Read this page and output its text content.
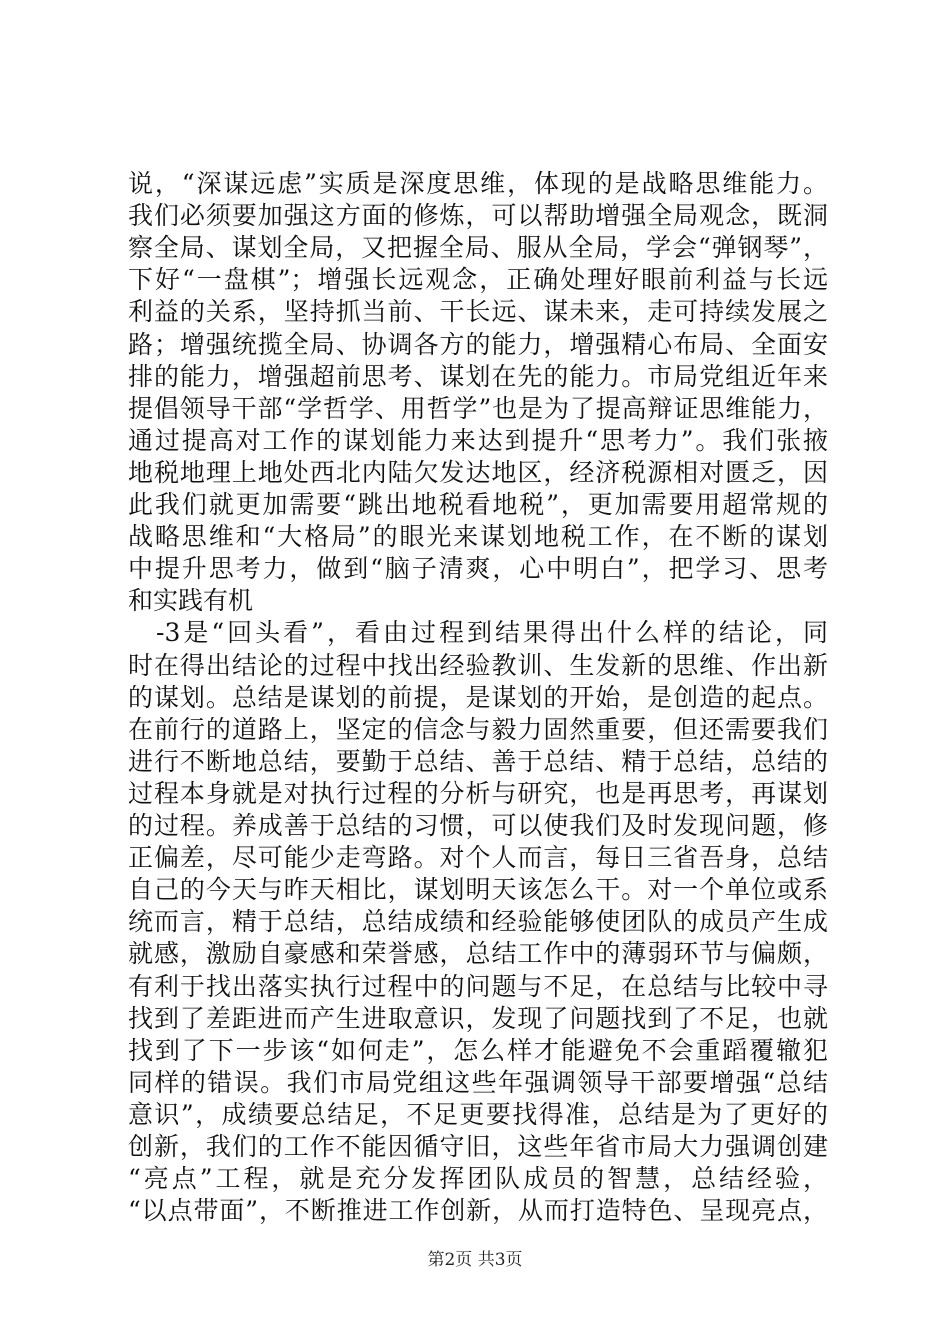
说，“深谋远虑”实质是深度思维，体现的是战略思维能力。
我们必须要加强这方面的修炼，可以帮助增强全局观念，既洞
察全局、谋划全局，又把握全局、服从全局，学会“弹钢琴”，
下好“一盘棋”；增强长远观念，正确处理好眼前利益与长远
利益的关系，坚持抓当前、干长远、谋未来，走可持续发展之
路；增强统揽全局、协调各方的能力，增强精心布局、全面安
排的能力，增强超前思考、谋划在先的能力。市局党组近年来
提倡领导干部“学哲学、用哲学”也是为了提高辩证思维能力，
通过提高对工作的谋划能力来达到提升“思考力”。我们张掖
地税地理上地处西北内陆欠发达地区，经济税源相对匮乏，因
此我们就更加需要“跳出地税看地税”，更加需要用超常规的
战略思维和“大格局”的眼光来谋划地税工作，在不断的谋划
中提升思考力，做到“脑子清爽，心中明白”，把学习、思考
和实践有机
　-3是“回头看”，看由过程到结果得出什么样的结论，同
时在得出结论的过程中找出经验教训、生发新的思维、作出新
的谋划。总结是谋划的前提，是谋划的开始，是创造的起点。
在前行的道路上，坚定的信念与毅力固然重要，但还需要我们
进行不断地总结，要勤于总结、善于总结、精于总结，总结的
过程本身就是对执行过程的分析与研究，也是再思考，再谋划
的过程。养成善于总结的习惯，可以使我们及时发现问题，修
正偏差，尽可能少走弯路。对个人而言，每日三省吾身，总结
自己的今天与昨天相比，谋划明天该怎么干。对一个单位或系
统而言，精于总结，总结成绩和经验能够使团队的成员产生成
就感，激励自豪感和荣誉感，总结工作中的薄弱环节与偏颇，
有利于找出落实执行过程中的问题与不足，在总结与比较中寻
找到了差距进而产生进取意识，发现了问题找到了不足，也就
找到了下一步该“如何走”，怎么样才能避免不会重蹈覆辙犯
同样的错误。我们市局党组这些年强调领导干部要增强“总结
意识”，成绩要总结足，不足更要找得准，总结是为了更好的
创新，我们的工作不能因循守旧，这些年省市局大力强调创建
“亮点”工程，就是充分发挥团队成员的智慧，总结经验，
“以点带面”，不断推进工作创新，从而打造特色、呈现亮点，
第2页 共3页
